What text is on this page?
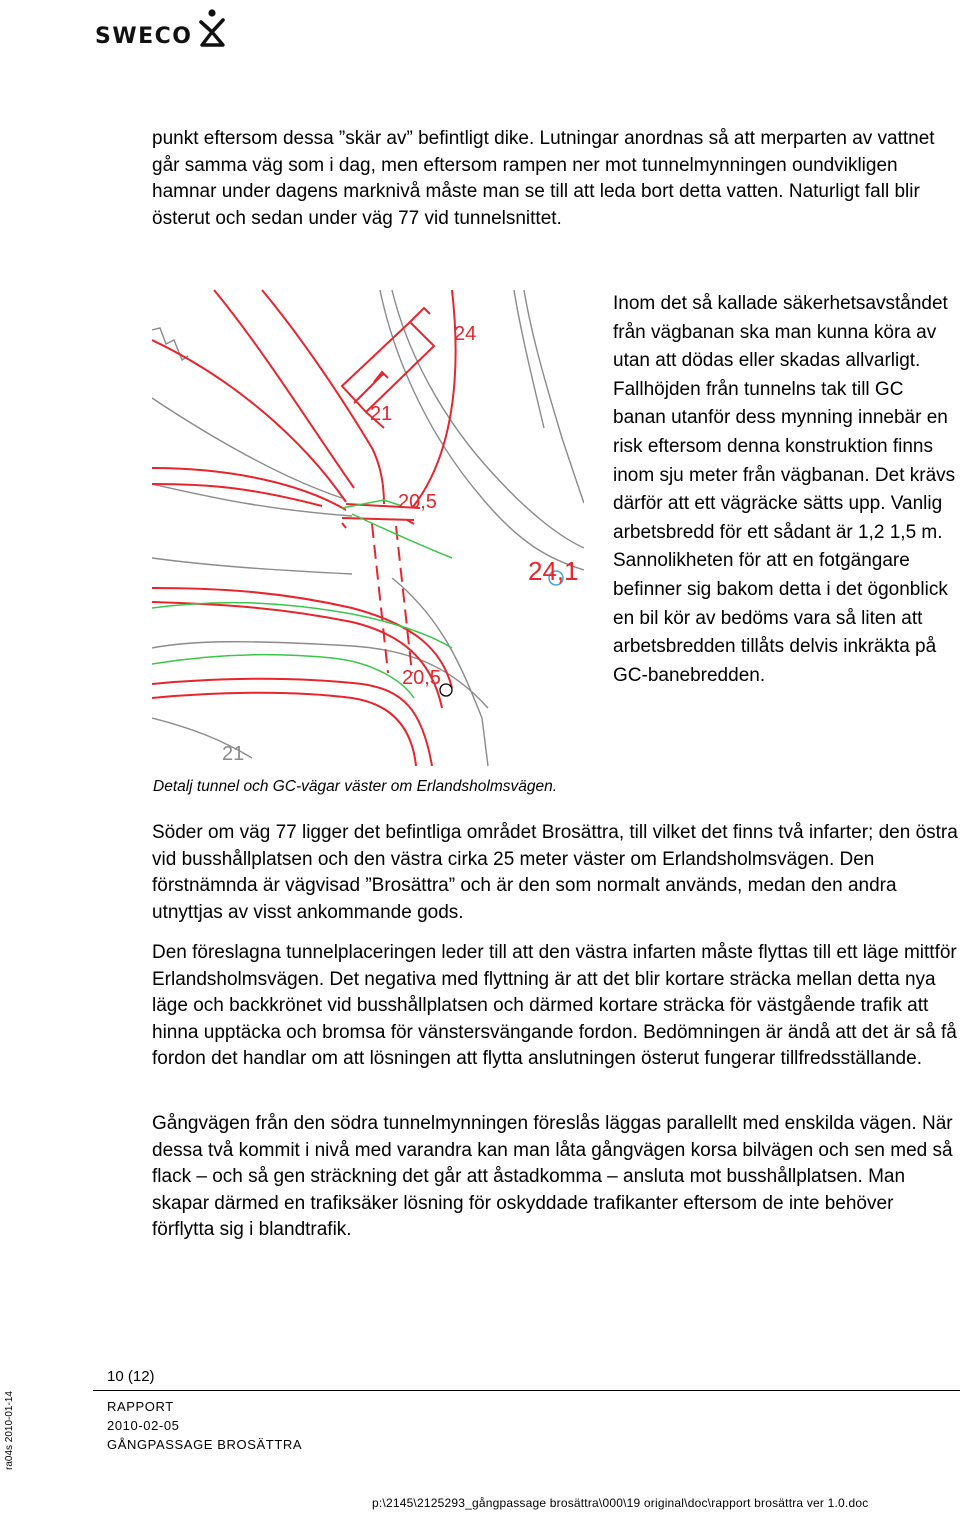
SWECO

punkt eftersom dessa ”skär av” befintligt dike. Lutningar anordnas så att merparten av vattnet går samma väg som i dag, men eftersom rampen ner mot tunnelmynningen oundvikligen hamnar under dagens marknivå måste man se till att leda bort detta vatten. Naturligt fall blir österut och sedan under väg 77 vid tunnelsnittet.

24
21
20,5
24,1
20,5
21

Inom det så kallade säkerhetsavståndet från vägbanan ska man kunna köra av utan att dödas eller skadas allvarligt. Fallhöjden från tunnelns tak till GC banan utanför dess mynning innebär en risk eftersom denna konstruktion finns inom sju meter från vägbanan. Det krävs därför att ett vägräcke sätts upp. Vanlig arbetsbredd för ett sådant är 1,2 1,5 m. Sannolikheten för att en fotgängare befinner sig bakom detta i det ögonblick en bil kör av bedöms vara så liten att arbetsbredden tillåts delvis inkräkta på GC-banebredden.

Detalj tunnel och GC-vägar väster om Erlandsholmsvägen.

Söder om väg 77 ligger det befintliga området Brosättra, till vilket det finns två infarter; den östra vid busshållplatsen och den västra cirka 25 meter väster om Erlandsholmsvägen. Den förstnämnda är vägvisad ”Brosättra” och är den som normalt används, medan den andra utnyttjas av visst ankommande gods.

Den föreslagna tunnelplaceringen leder till att den västra infarten måste flyttas till ett läge mittför Erlandsholmsvägen. Det negativa med flyttning är att det blir kortare sträcka mellan detta nya läge och backkrönet vid busshållplatsen och därmed kortare sträcka för västgående trafik att hinna upptäcka och bromsa för vänstersvängande fordon. Bedömningen är ändå att det är så få fordon det handlar om att lösningen att flytta anslutningen österut fungerar tillfredsställande.

Gångvägen från den södra tunnelmynningen föreslås läggas parallellt med enskilda vägen. När dessa två kommit i nivå med varandra kan man låta gångvägen korsa bilvägen och sen med så flack – och så gen sträckning det går att åstadkomma – ansluta mot busshållplatsen. Man skapar därmed en trafiksäker lösning för oskyddade trafikanter eftersom de inte behöver förflytta sig i blandtrafik.

10 (12)
RAPPORT
2010-02-05
GÅNGPASSAGE BROSÄTTRA
ra04s 2010-01-14
p:\2145\2125293_gångpassage brosättra\000\19 original\doc\rapport brosättra ver 1.0.doc
